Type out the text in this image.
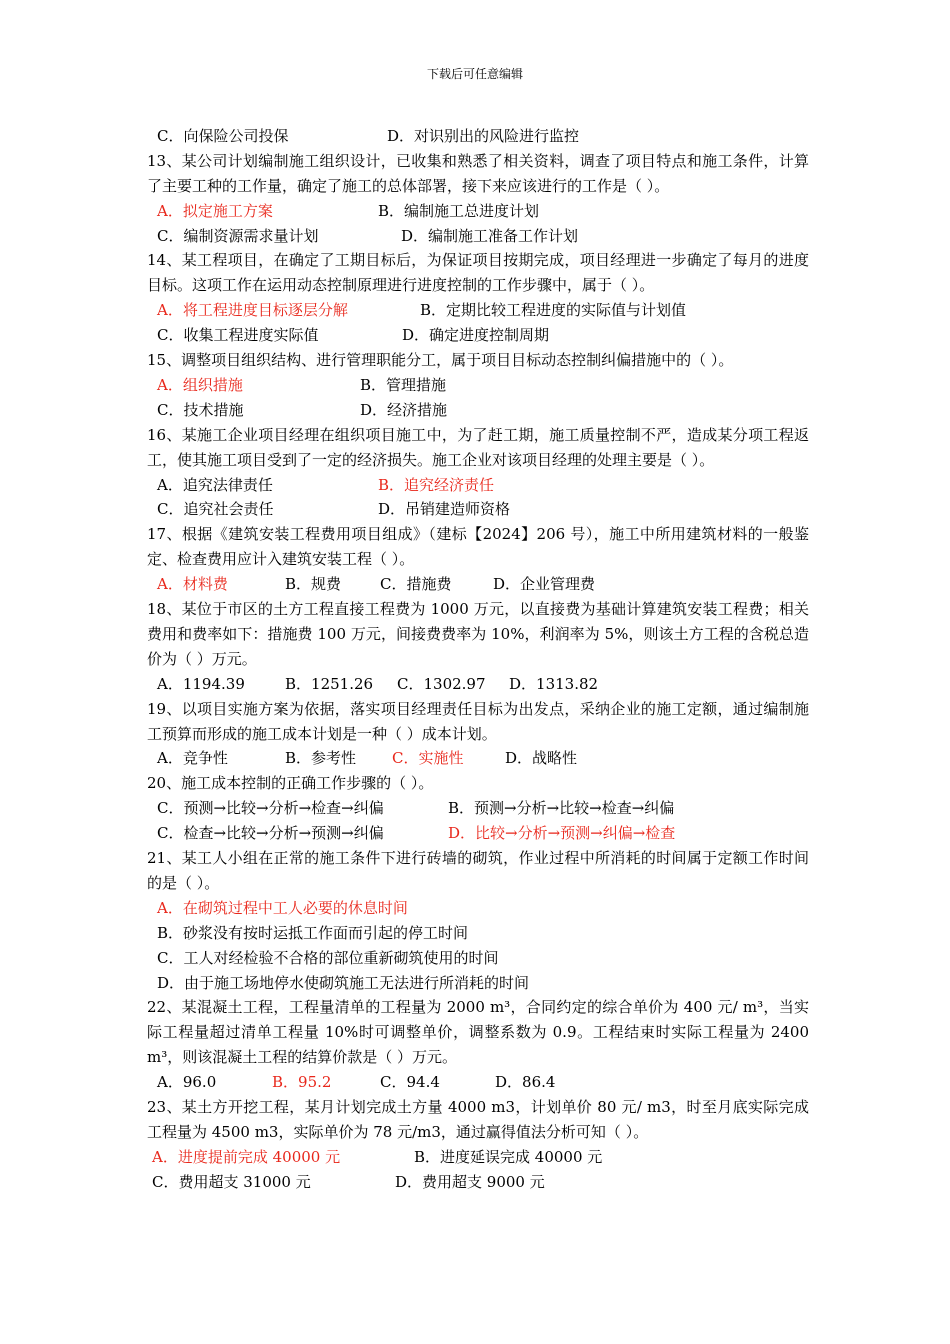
下载后可任意编辑
C．向保险公司投保	D．对识别出的风险进行监控
13、某公司计划编制施工组织设计，已收集和熟悉了相关资料，调查了项目特点和施工条件，计算了主要工种的工作量，确定了施工的总体部署，接下来应该进行的工作是（ ）。
A．拟定施工方案	B．编制施工总进度计划
C．编制资源需求量计划	D．编制施工准备工作计划
14、某工程项目，在确定了工期目标后，为保证项目按期完成，项目经理进一步确定了每月的进度目标。这项工作在运用动态控制原理进行进度控制的工作步骤中，属于（ ）。
A．将工程进度目标逐层分解	B．定期比较工程进度的实际值与计划值
C．收集工程进度实际值	D．确定进度控制周期
15、调整项目组织结构、进行管理职能分工，属于项目目标动态控制纠偏措施中的（ ）。
A．组织措施	B．管理措施
C．技术措施	D．经济措施
16、某施工企业项目经理在组织项目施工中，为了赶工期，施工质量控制不严，造成某分项工程返工，使其施工项目受到了一定的经济损失。施工企业对该项目经理的处理主要是（ ）。
A．追究法律责任	B．追究经济责任
C．追究社会责任	D．吊销建造师资格
17、根据《建筑安装工程费用项目组成》（建标【2024】206 号），施工中所用建筑材料的一般鉴定、检查费用应计入建筑安装工程（ ）。
A．材料费	B．规费	C．措施费	D．企业管理费
18、某位于市区的土方工程直接工程费为 1000 万元，以直接费为基础计算建筑安装工程费；相关费用和费率如下：措施费 100 万元，间接费费率为 10%，利润率为 5%，则该土方工程的含税总造价为（ ）万元。
A．1194.39	B．1251.26 C．1302.97 D．1313.82
19、以项目实施方案为依据，落实项目经理责任目标为出发点，采纳企业的施工定额，通过编制施工预算而形成的施工成本计划是一种（ ）成本计划。
A．竞争性	B．参考性 C．实施性	D．战略性
20、施工成本控制的正确工作步骤的（ ）。
C．预测→比较→分析→检查→纠偏	B．预测→分析→比较→检查→纠偏
C．检查→比较→分析→预测→纠偏	D．比较→分析→预测→纠偏→检查
21、某工人小组在正常的施工条件下进行砖墙的砌筑，作业过程中所消耗的时间属于定额工作时间的是（ ）。
A．在砌筑过程中工人必要的休息时间
B．砂浆没有按时运抵工作面而引起的停工时间
C．工人对经检验不合格的部位重新砌筑使用的时间
D．由于施工场地停水使砌筑施工无法进行所消耗的时间
22、某混凝土工程，工程量清单的工程量为 2000 m³，合同约定的综合单价为 400 元/ m³，当实际工程量超过清单工程量 10%时可调整单价，调整系数为 0.9。工程结束时实际工程量为 2400 m³，则该混凝土工程的结算价款是（ ）万元。
A．96.0	B．95.2	C．94.4	D．86.4
23、某土方开挖工程，某月计划完成土方量 4000 m3，计划单价 80 元/ m3，时至月底实际完成工程量为 4500 m3，实际单价为 78 元/m3，通过赢得值法分析可知（ ）。
A．进度提前完成 40000 元	B．进度延误完成 40000 元
C．费用超支 31000 元	D．费用超支 9000 元
